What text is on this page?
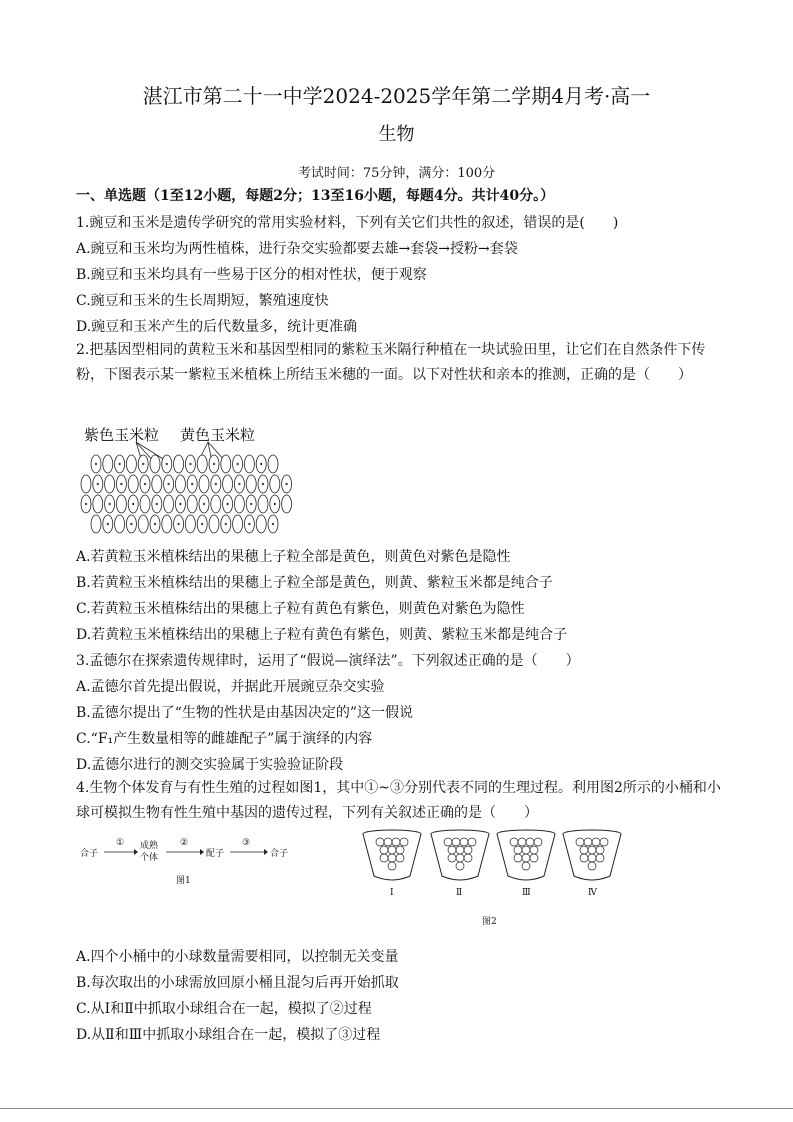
湛江市第二十一中学2024-2025学年第二学期4月考·高一
生物
考试时间：75分钟，满分：100分
一、单选题（1至12小题，每题2分；13至16小题，每题4分。共计40分。）
1.豌豆和玉米是遗传学研究的常用实验材料，下列有关它们共性的叙述，错误的是(　　)
A.豌豆和玉米均为两性植株，进行杂交实验都要去雄→套袋→授粉→套袋
B.豌豆和玉米均具有一些易于区分的相对性状，便于观察
C.豌豆和玉米的生长周期短，繁殖速度快
D.豌豆和玉米产生的后代数量多，统计更准确
2.把基因型相同的黄粒玉米和基因型相同的紫粒玉米隔行种植在一块试验田里，让它们在自然条件下传粉，下图表示某一紫粒玉米植株上所结玉米穗的一面。以下对性状和亲本的推测，正确的是（　　）
紫色玉米粒 黄色玉米粒
A.若黄粒玉米植株结出的果穗上子粒全部是黄色，则黄色对紫色是隐性
B.若黄粒玉米植株结出的果穗上子粒全部是黄色，则黄、紫粒玉米都是纯合子
C.若黄粒玉米植株结出的果穗上子粒有黄色有紫色，则黄色对紫色为隐性
D.若黄粒玉米植株结出的果穗上子粒有黄色有紫色，则黄、紫粒玉米都是纯合子
3.孟德尔在探索遗传规律时，运用了“假说—演绎法”。下列叙述正确的是（　　）
A.孟德尔首先提出假说，并据此开展豌豆杂交实验
B.孟德尔提出了“生物的性状是由基因决定的”这一假说
C.“F₁产生数量相等的雌雄配子”属于演绎的内容
D.孟德尔进行的测交实验属于实验验证阶段
4.生物个体发育与有性生殖的过程如图1，其中①~③分别代表不同的生理过程。利用图2所示的小桶和小球可模拟生物有性生殖中基因的遗传过程，下列有关叙述正确的是（　　）
合子
① 成熟
个体
②
配子
③
合子
图1
Ⅰ	Ⅱ	Ⅲ	Ⅳ
图2
A.四个小桶中的小球数量需要相同，以控制无关变量
B.每次取出的小球需放回原小桶且混匀后再开始抓取
C.从Ⅰ和Ⅱ中抓取小球组合在一起，模拟了②过程
D.从Ⅱ和Ⅲ中抓取小球组合在一起，模拟了③过程
